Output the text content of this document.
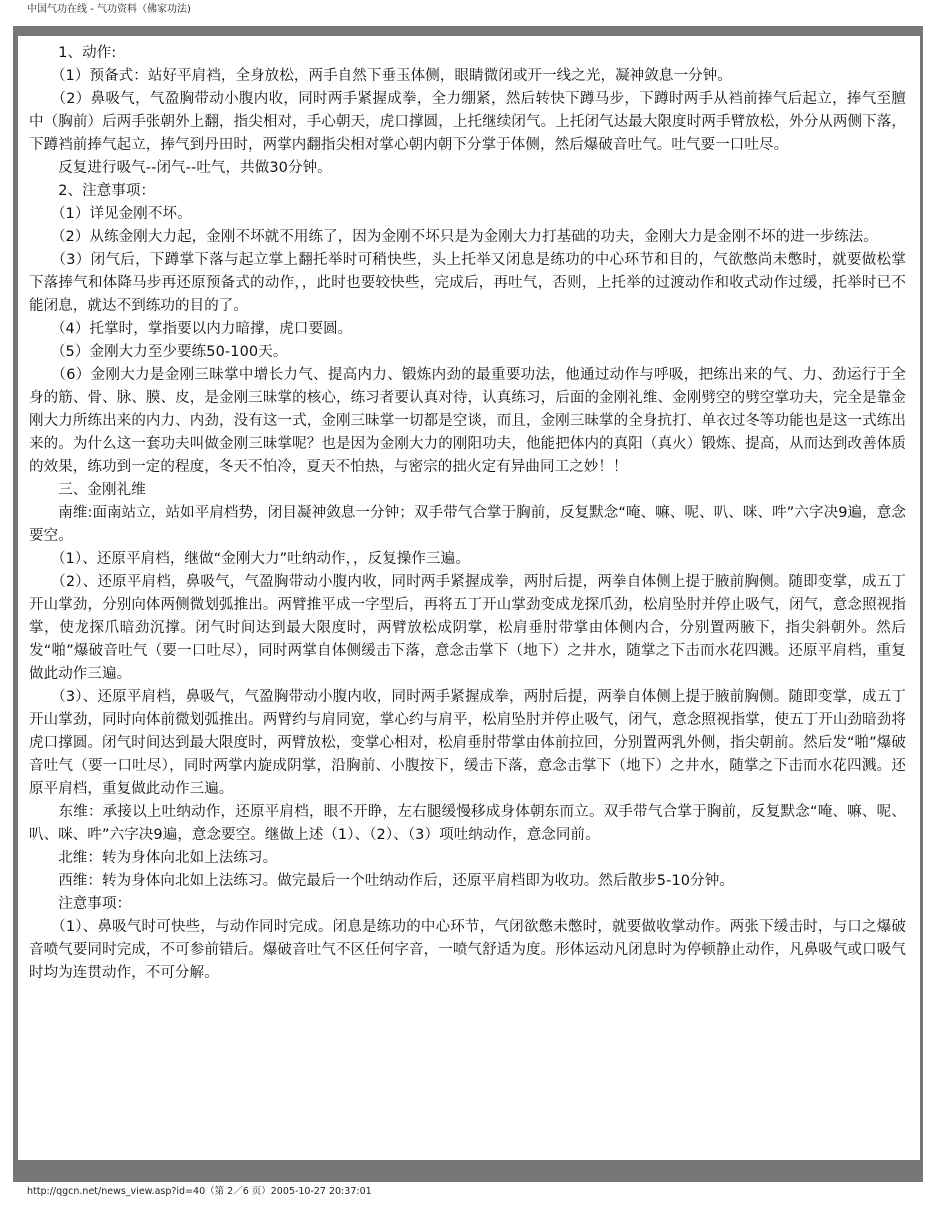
中国气功在线 - 气功资料（佛家功法)

　　1、动作:

　　（1）预备式：站好平肩裆，全身放松，两手自然下垂玉体侧，眼睛微闭或开一线之光，凝神敛息一分钟。

　　（2）鼻吸气，气盈胸带动小腹内收，同时两手紧握成拳，全力绷紧，然后转快下蹲马步，下蹲时两手从裆前捧气后起立，捧气至膻中（胸前）后两手张朝外上翻，指尖相对，手心朝天，虎口撑圆，上托继续闭气。上托闭气达最大限度时两手臂放松，外分从两侧下落，下蹲裆前捧气起立，捧气到丹田时，两掌内翻指尖相对掌心朝内朝下分掌于体侧，然后爆破音吐气。吐气要一口吐尽。

　　反复进行吸气--闭气--吐气，共做30分钟。

　　2、注意事项：

　　（1）详见金刚不坏。

　　（2）从练金刚大力起，金刚不坏就不用练了，因为金刚不坏只是为金刚大力打基础的功夫，金刚大力是金刚不坏的进一步练法。

　　（3）闭气后，下蹲掌下落与起立掌上翻托举时可稍快些，头上托举又闭息是练功的中心环节和目的，气欲憋尚未憋时，就要做松掌下落捧气和体降马步再还原预备式的动作，，此时也要较快些，完成后，再吐气，否则，上托举的过渡动作和收式动作过缓，托举时已不能闭息，就达不到练功的目的了。

　　（4）托掌时，掌指要以内力暗撑，虎口要圆。

　　（5）金刚大力至少要练50-100天。

　　（6）金刚大力是金刚三昧掌中增长力气、提高内力、锻炼内劲的最重要功法，他通过动作与呼吸，把练出来的气、力、劲运行于全身的筋、骨、脉、膜、皮，是金刚三昧掌的核心，练习者要认真对待，认真练习，后面的金刚礼维、金刚劈空的劈空掌功夫，完全是靠金刚大力所练出来的内力、内劲，没有这一式，金刚三昧掌一切都是空谈，而且，金刚三昧掌的全身抗打、单衣过冬等功能也是这一式练出来的。为什么这一套功夫叫做金刚三昧掌呢？也是因为金刚大力的刚阳功夫，他能把体内的真阳（真火）锻炼、提高，从而达到改善体质的效果，练功到一定的程度，冬天不怕冷，夏天不怕热，与密宗的拙火定有异曲同工之妙！！

　　三、金刚礼维

　　南维:面南站立，站如平肩档势，闭目凝神敛息一分钟；双手带气合掌于胸前，反复默念“唵、嘛、呢、叭、咪、吽”六字决9遍，意念要空。

　　（1）、还原平肩档，继做“金刚大力”吐纳动作，，反复操作三遍。

　　（2）、还原平肩档，鼻吸气，气盈胸带动小腹内收，同时两手紧握成拳，两肘后提，两拳自体侧上提于腋前胸侧。随即变掌，成五丁开山掌劲，分别向体两侧微划弧推出。两臂推平成一字型后，再将五丁开山掌劲变成龙探爪劲，松肩坠肘并停止吸气，闭气，意念照视指掌，使龙探爪暗劲沉撑。闭气时间达到最大限度时，两臂放松成阴掌，松肩垂肘带掌由体侧内合，分别置两腋下，指尖斜朝外。然后发“啪”爆破音吐气（要一口吐尽），同时两掌自体侧缓击下落，意念击掌下（地下）之井水，随掌之下击而水花四溅。还原平肩档，重复做此动作三遍。

　　（3）、还原平肩档，鼻吸气，气盈胸带动小腹内收，同时两手紧握成拳，两肘后提，两拳自体侧上提于腋前胸侧。随即变掌，成五丁开山掌劲，同时向体前微划弧推出。两臂约与肩同宽，掌心约与肩平，松肩坠肘并停止吸气，闭气，意念照视指掌，使五丁开山劲暗劲将虎口撑圆。闭气时间达到最大限度时，两臂放松，变掌心相对，松肩垂肘带掌由体前拉回，分别置两乳外侧，指尖朝前。然后发“啪”爆破音吐气（要一口吐尽），同时两掌内旋成阴掌，沿胸前、小腹按下，缓击下落，意念击掌下（地下）之井水，随掌之下击而水花四溅。还原平肩档，重复做此动作三遍。

　　东维：承接以上吐纳动作，还原平肩档，眼不开睁，左右腿缓慢移成身体朝东而立。双手带气合掌于胸前，反复默念“唵、嘛、呢、叭、咪、吽”六字决9遍，意念要空。继做上述（1）、（2）、（3）项吐纳动作，意念同前。

　　北维：转为身体向北如上法练习。

　　西维：转为身体向北如上法练习。做完最后一个吐纳动作后，还原平肩档即为收功。然后散步5-10分钟。

　　注意事项：

　　（1）、鼻吸气时可快些，与动作同时完成。闭息是练功的中心环节，气闭欲憋未憋时，就要做收掌动作。两张下缓击时，与口之爆破音喷气要同时完成，不可参前错后。爆破音吐气不区任何字音，一喷气舒适为度。形体运动凡闭息时为停顿静止动作，凡鼻吸气或口吸气时均为连贯动作，不可分解。

http://qgcn.net/news_view.asp?id=40（第 2／6 页）2005-10-27 20:37:01
